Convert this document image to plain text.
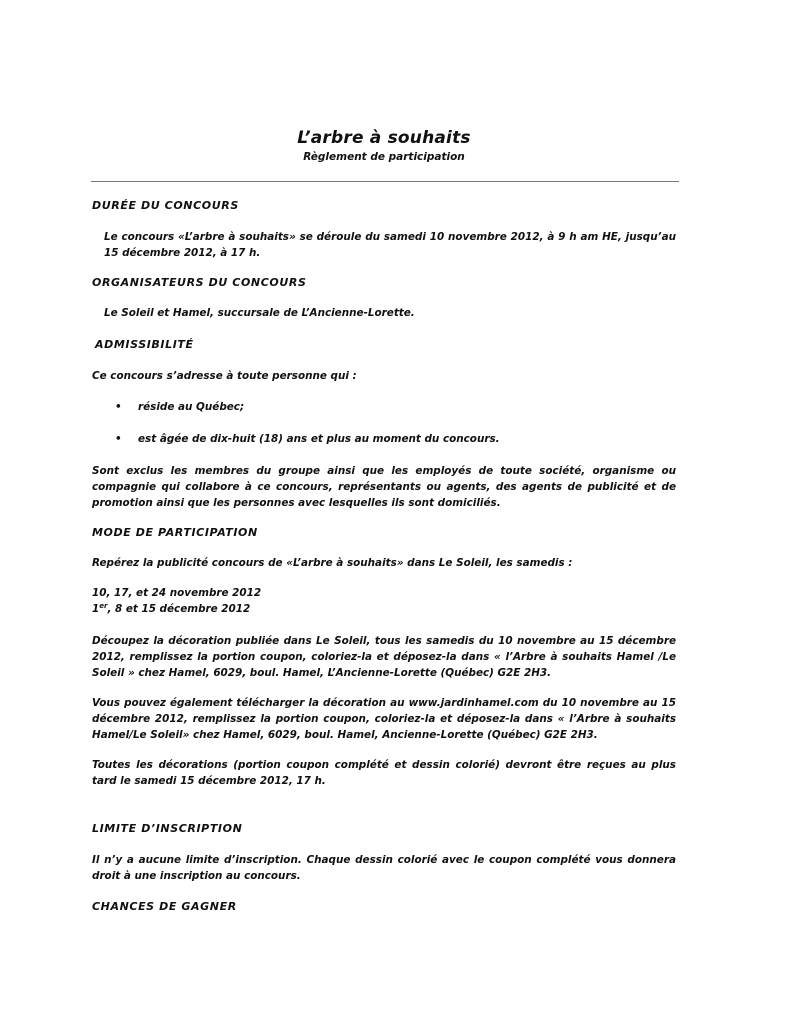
L’arbre à souhaits
Règlement de participation
DURÉE DU CONCOURS
Le concours «L’arbre à souhaits» se déroule du samedi 10 novembre 2012, à 9 h am HE, jusqu’au 15 décembre 2012, à 17 h.
ORGANISATEURS DU CONCOURS
Le Soleil et Hamel, succursale de L’Ancienne-Lorette.
ADMISSIBILITÉ
Ce concours s’adresse à toute personne qui :
• réside au Québec;
• est âgée de dix-huit (18) ans et plus au moment du concours.
Sont exclus les membres du groupe ainsi que les employés de toute société, organisme ou compagnie qui collabore à ce concours, représentants ou agents, des agents de publicité et de promotion ainsi que les personnes avec lesquelles ils sont domiciliés.
MODE DE PARTICIPATION
Repérez la publicité concours de «L’arbre à souhaits» dans Le Soleil, les samedis :
10, 17, et 24 novembre 2012
1er, 8 et 15 décembre 2012
Découpez la décoration publiée dans Le Soleil, tous les samedis du 10 novembre au 15 décembre 2012, remplissez la portion coupon, coloriez-la et déposez-la dans « l’Arbre à souhaits Hamel /Le Soleil » chez Hamel, 6029, boul. Hamel, L’Ancienne-Lorette (Québec) G2E 2H3.
Vous pouvez également télécharger la décoration au www.jardinhamel.com du 10 novembre au 15 décembre 2012, remplissez la portion coupon, coloriez-la et déposez-la dans « l’Arbre à souhaits Hamel/Le Soleil» chez Hamel, 6029, boul. Hamel, Ancienne-Lorette (Québec) G2E 2H3.
Toutes les décorations (portion coupon complété et dessin colorié) devront être reçues au plus tard le samedi 15 décembre 2012, 17 h.
LIMITE D’INSCRIPTION
Il n’y a aucune limite d’inscription. Chaque dessin colorié avec le coupon complété vous donnera droit à une inscription au concours.
CHANCES DE GAGNER
